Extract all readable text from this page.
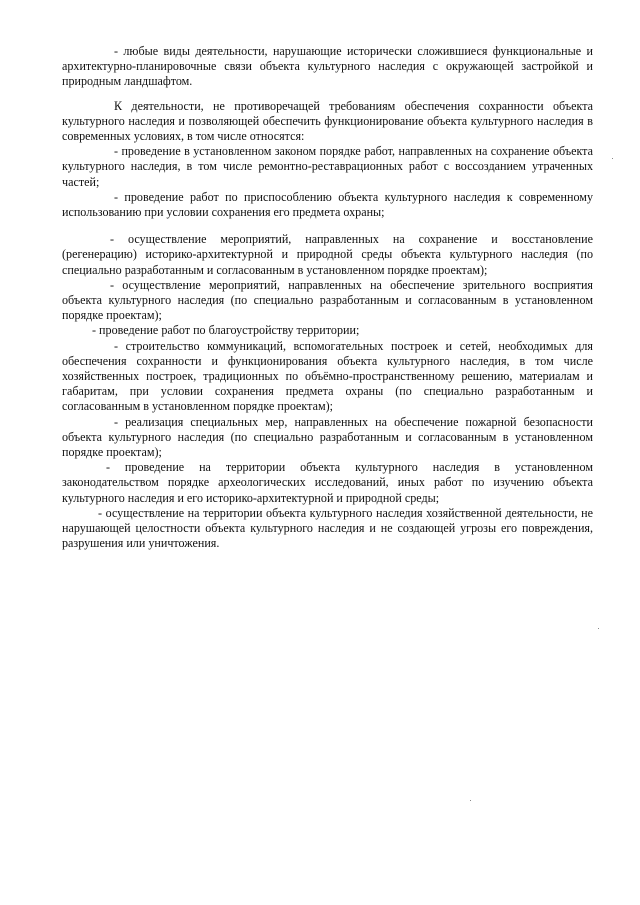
- любые виды деятельности, нарушающие исторически сложившиеся функциональные и архитектурно-планировочные связи объекта культурного наследия с окружающей застройкой и природным ландшафтом.

К деятельности, не противоречащей требованиям обеспечения сохранности объекта культурного наследия и позволяющей обеспечить функционирование объекта культурного наследия в современных условиях, в том числе относятся:

- проведение в установленном законом порядке работ, направленных на сохранение объекта культурного наследия, в том числе ремонтно-реставрационных работ с воссозданием утраченных частей;

- проведение работ по приспособлению объекта культурного наследия к современному использованию при условии сохранения его предмета охраны;

- осуществление мероприятий, направленных на сохранение и восстановление (регенерацию) историко-архитектурной и природной среды объекта культурного наследия (по специально разработанным и согласованным в установленном порядке проектам);

- осуществление мероприятий, направленных на обеспечение зрительного восприятия объекта культурного наследия (по специально разработанным и согласованным в установленном порядке проектам);

- проведение работ по благоустройству территории;

- строительство коммуникаций, вспомогательных построек и сетей, необходимых для обеспечения сохранности и функционирования объекта культурного наследия, в том числе хозяйственных построек, традиционных по объёмно-пространственному решению, материалам и габаритам, при условии сохранения предмета охраны (по специально разработанным и согласованным в установленном порядке проектам);

- реализация специальных мер, направленных на обеспечение пожарной безопасности объекта культурного наследия (по специально разработанным и согласованным в установленном порядке проектам);

- проведение на территории объекта культурного наследия в установленном законодательством порядке археологических исследований, иных работ по изучению объекта культурного наследия и его историко-архитектурной и природной среды;

- осуществление на территории объекта культурного наследия хозяйственной деятельности, не нарушающей целостности объекта культурного наследия и не создающей угрозы его повреждения, разрушения или уничтожения.
